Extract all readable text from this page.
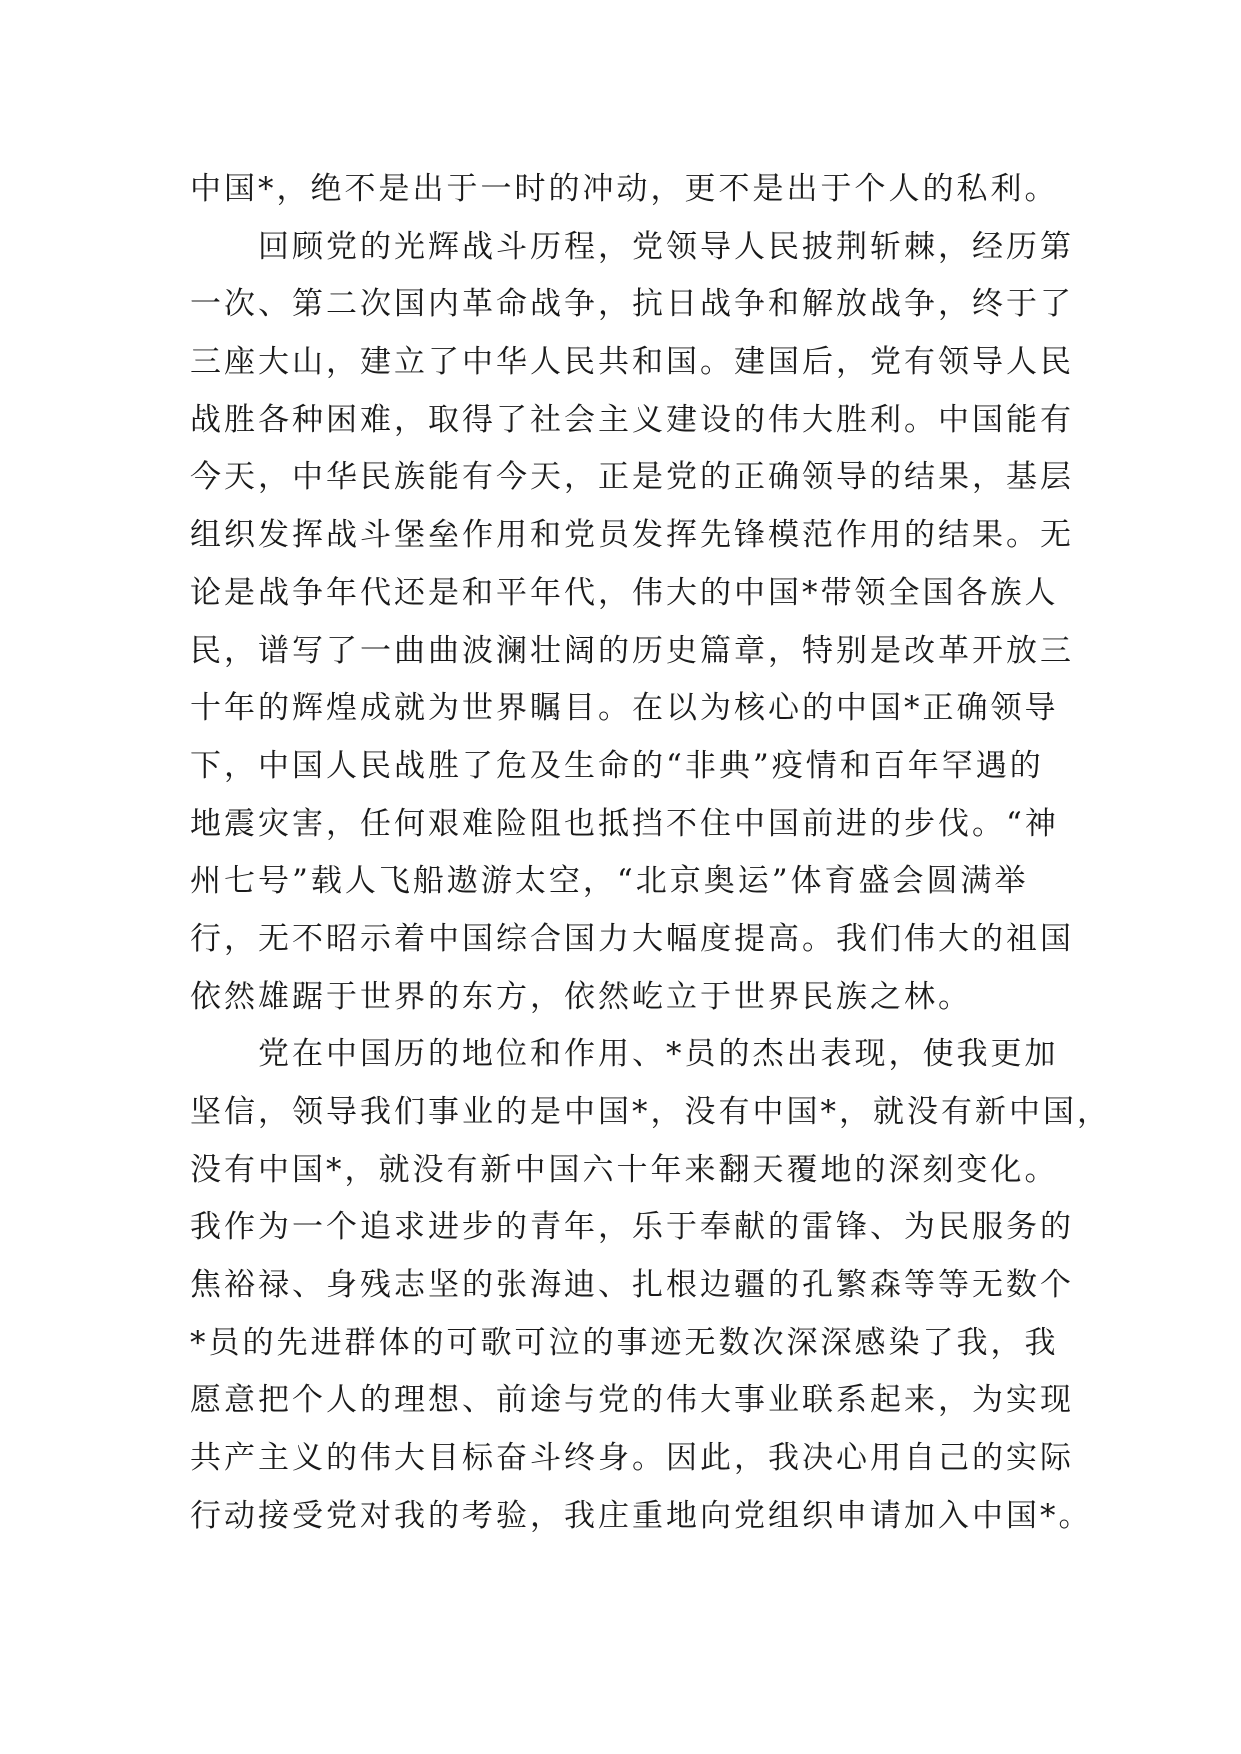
中国*，绝不是出于一时的冲动，更不是出于个人的私利。
回顾党的光辉战斗历程，党领导人民披荆斩棘，经历第
一次、第二次国内革命战争，抗日战争和解放战争，终于了
三座大山，建立了中华人民共和国。建国后，党有领导人民
战胜各种困难，取得了社会主义建设的伟大胜利。中国能有
今天，中华民族能有今天，正是党的正确领导的结果，基层
组织发挥战斗堡垒作用和党员发挥先锋模范作用的结果。无
论是战争年代还是和平年代，伟大的中国*带领全国各族人
民，谱写了一曲曲波澜壮阔的历史篇章，特别是改革开放三
十年的辉煌成就为世界瞩目。在以为核心的中国*正确领导
下，中国人民战胜了危及生命的“非典”疫情和百年罕遇的
地震灾害，任何艰难险阻也抵挡不住中国前进的步伐。“神
州七号”载人飞船遨游太空，“北京奥运”体育盛会圆满举
行，无不昭示着中国综合国力大幅度提高。我们伟大的祖国
依然雄踞于世界的东方，依然屹立于世界民族之林。
党在中国历的地位和作用、*员的杰出表现，使我更加
坚信，领导我们事业的是中国*，没有中国*，就没有新中国，
没有中国*，就没有新中国六十年来翻天覆地的深刻变化。
我作为一个追求进步的青年，乐于奉献的雷锋、为民服务的
焦裕禄、身残志坚的张海迪、扎根边疆的孔繁森等等无数个
*员的先进群体的可歌可泣的事迹无数次深深感染了我，我
愿意把个人的理想、前途与党的伟大事业联系起来，为实现
共产主义的伟大目标奋斗终身。因此，我决心用自己的实际
行动接受党对我的考验，我庄重地向党组织申请加入中国*。
